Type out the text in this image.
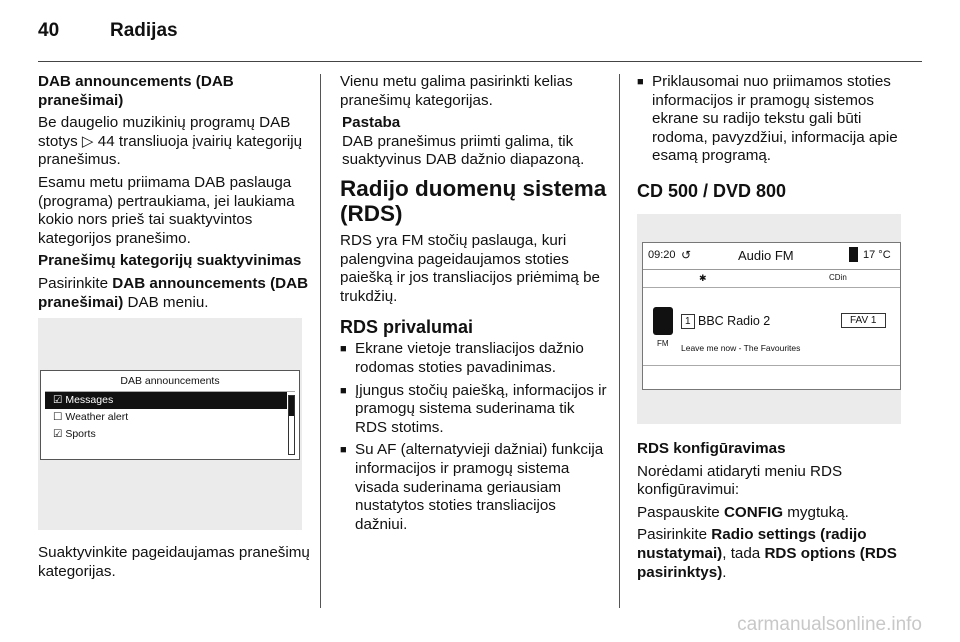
40	Radijas

DAB announcements (DAB pranešimai)

Be daugelio muzikinių programų DAB stotys ▷ 44 transliuoja įvairių kategorijų pranešimus.

Esamu metu priimama DAB paslauga (programa) pertraukiama, jei laukiama kokio nors prieš tai suaktyvintos kategorijos pranešimo.

Pranešimų kategorijų suaktyvinimas

Pasirinkite DAB announcements (DAB pranešimai) DAB meniu.

DAB announcements
☑ Messages
☐ Weather alert
☑ Sports

Suaktyvinkite pageidaujamas pranešimų kategorijas.

Vienu metu galima pasirinkti kelias pranešimų kategorijas.

Pastaba
DAB pranešimus priimti galima, tik suaktyvinus DAB dažnio diapazoną.
Radijo duomenų sistema (RDS)

RDS yra FM stočių paslauga, kuri palengvina pageidaujamos stoties paiešką ir jos transliacijos priėmimą be trukdžių.

RDS privalumai
■ Ekrane vietoje transliacijos dažnio rodomas stoties pavadinimas.
■ Įjungus stočių paiešką, informacijos ir pramogų sistema suderinama tik RDS stotims.
■ Su AF (alternatyvieji dažniai) funkcija informacijos ir pramogų sistema visada suderinama geriausiam nustatytos stoties transliacijos dažniui.
■ Priklausomai nuo priimamos stoties informacijos ir pramogų sistemos ekrane su radijo tekstu gali būti rodoma, pavyzdžiui, informacija apie esamą programą.
CD 500 / DVD 800
09:20 ↺	Audio FM	17 °C
✱	CDin
FM
1 BBC Radio 2	FAV 1
Leave me now - The Favourites

RDS konfigūravimas

Norėdami atidaryti meniu RDS konfigūravimui:

Paspauskite CONFIG mygtuką.

Pasirinkite Radio settings (radijo nustatymai), tada RDS options (RDS pasirinktys).

carmanualsonline.info
